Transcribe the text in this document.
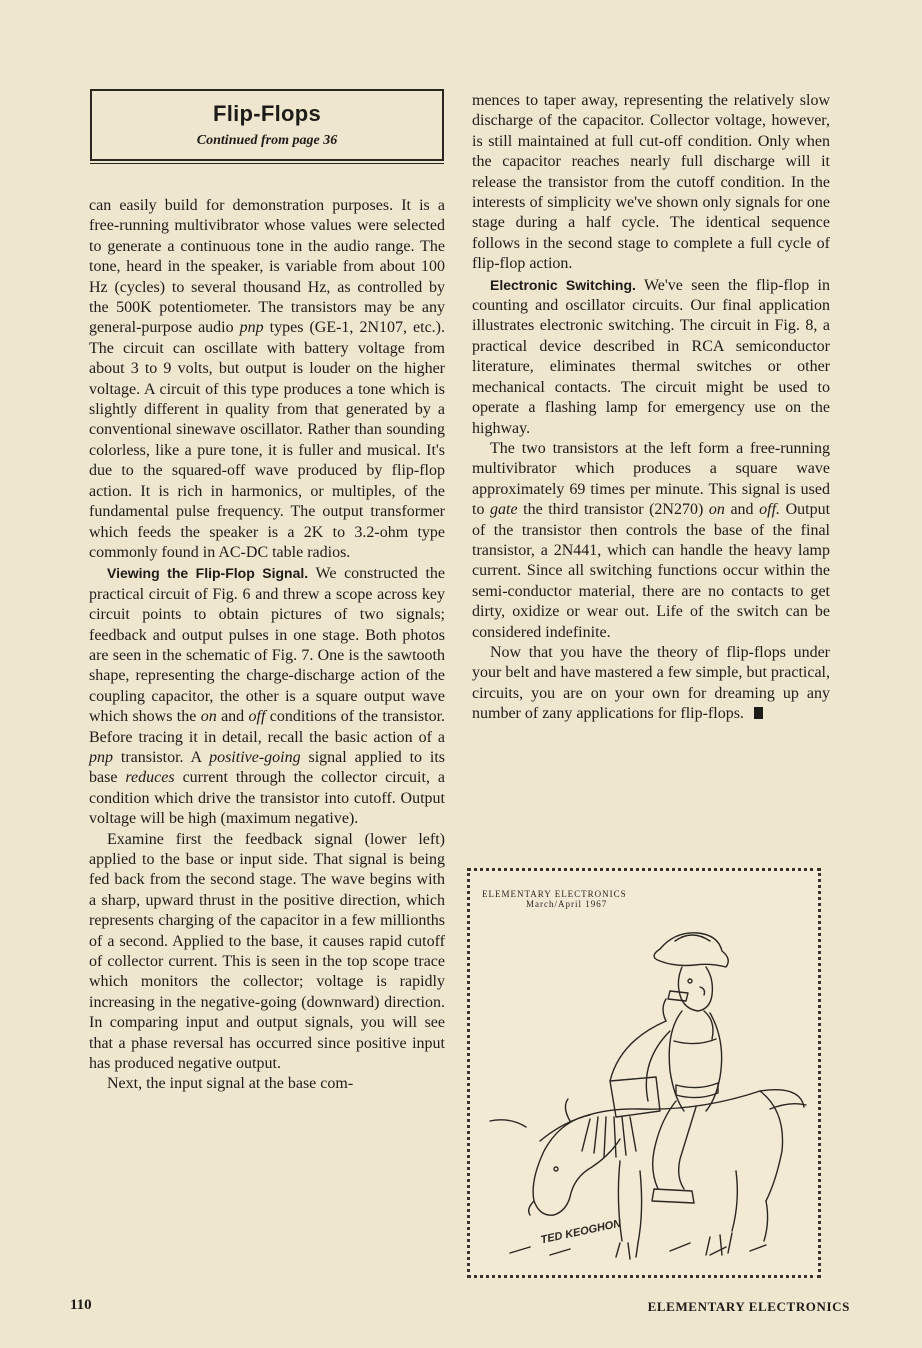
Flip-Flops
Continued from page 36

can easily build for demonstration purposes. It is a free-running multivibrator whose values were selected to generate a continuous tone in the audio range. The tone, heard in the speaker, is variable from about 100 Hz (cycles) to several thousand Hz, as controlled by the 500K potentiometer. The transistors may be any general-purpose audio pnp types (GE-1, 2N107, etc.). The circuit can oscillate with battery voltage from about 3 to 9 volts, but output is louder on the higher voltage. A circuit of this type produces a tone which is slightly different in quality from that generated by a conventional sinewave oscillator. Rather than sounding colorless, like a pure tone, it is fuller and musical. It's due to the squared-off wave produced by flip-flop action. It is rich in harmonics, or multiples, of the fundamental pulse frequency. The output transformer which feeds the speaker is a 2K to 3.2-ohm type commonly found in AC-DC table radios.

Viewing the Flip-Flop Signal. We constructed the practical circuit of Fig. 6 and threw a scope across key circuit points to obtain pictures of two signals; feedback and output pulses in one stage. Both photos are seen in the schematic of Fig. 7. One is the sawtooth shape, representing the charge-discharge action of the coupling capacitor, the other is a square output wave which shows the on and off conditions of the transistor. Before tracing it in detail, recall the basic action of a pnp transistor. A positive-going signal applied to its base reduces current through the collector circuit, a condition which drive the transistor into cutoff. Output voltage will be high (maximum negative).

Examine first the feedback signal (lower left) applied to the base or input side. That signal is being fed back from the second stage. The wave begins with a sharp, upward thrust in the positive direction, which represents charging of the capacitor in a few millionths of a second. Applied to the base, it causes rapid cutoff of collector current. This is seen in the top scope trace which monitors the collector; voltage is rapidly increasing in the negative-going (downward) direction. In comparing input and output signals, you will see that a phase reversal has occurred since positive input has produced negative output.

Next, the input signal at the base com-

mences to taper away, representing the relatively slow discharge of the capacitor. Collector voltage, however, is still maintained at full cut-off condition. Only when the capacitor reaches nearly full discharge will it release the transistor from the cutoff condition. In the interests of simplicity we've shown only signals for one stage during a half cycle. The identical sequence follows in the second stage to complete a full cycle of flip-flop action.

Electronic Switching. We've seen the flip-flop in counting and oscillator circuits. Our final application illustrates electronic switching. The circuit in Fig. 8, a practical device described in RCA semiconductor literature, eliminates thermal switches or other mechanical contacts. The circuit might be used to operate a flashing lamp for emergency use on the highway.

The two transistors at the left form a free-running multivibrator which produces a square wave approximately 69 times per minute. This signal is used to gate the third transistor (2N270) on and off. Output of the transistor then controls the base of the final transistor, a 2N441, which can handle the heavy lamp current. Since all switching functions occur within the semi-conductor material, there are no contacts to get dirty, oxidize or wear out. Life of the switch can be considered indefinite.

Now that you have the theory of flip-flops under your belt and have mastered a few simple, but practical, circuits, you are on your own for dreaming up any number of zany applications for flip-flops.

ELEMENTARY ELECTRONICS
March/April 1967
TED KEOGHON
110	ELEMENTARY ELECTRONICS
